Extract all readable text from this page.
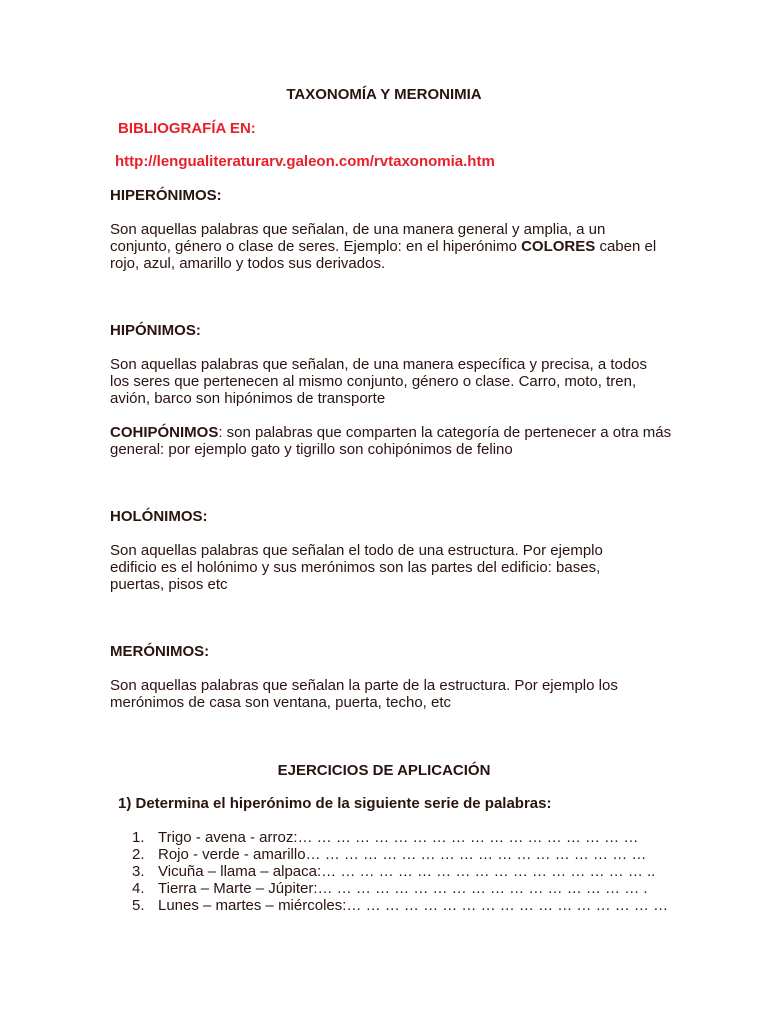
TAXONOMÍA Y MERONIMIA
BIBLIOGRAFÍA EN:
http://lengualiteraturarv.galeon.com/rvtaxonomia.htm
HIPERÓNIMOS:
Son aquellas palabras que señalan, de una manera general y amplia, a un conjunto, género o clase de seres. Ejemplo: en el hiperónimo COLORES caben el rojo, azul, amarillo y todos sus derivados.
HIPÓNIMOS:
Son aquellas palabras que señalan, de una manera específica y precisa, a todos los seres que pertenecen al mismo conjunto, género o clase. Carro, moto, tren, avión, barco son hipónimos de transporte
COHIPÓNIMOS: son palabras que comparten la categoría de pertenecer a otra más general: por ejemplo gato y tigrillo son cohipónimos de felino
HOLÓNIMOS:
Son aquellas palabras que señalan el todo de una estructura. Por ejemplo edificio es el holónimo y sus merónimos son las partes del edificio: bases, puertas, pisos etc
MERÓNIMOS:
Son aquellas palabras que señalan la parte de la estructura. Por ejemplo los merónimos de casa son ventana, puerta, techo, etc
EJERCICIOS DE APLICACIÓN
1) Determina el hiperónimo de la siguiente serie de palabras:
1. Trigo - avena - arroz:… … … … … … … … … … … … … … … … … …
2. Rojo - verde - amarillo… … … … … … … … … … … … … … … … … …
3. Vicuña – llama – alpaca:… … … … … … … … … … … … … … … … … ..
4. Tierra – Marte – Júpiter:… … … … … … … … … … … … … … … … … .
5. Lunes – martes – miércoles:… … … … … … … … … … … … … … … … …
